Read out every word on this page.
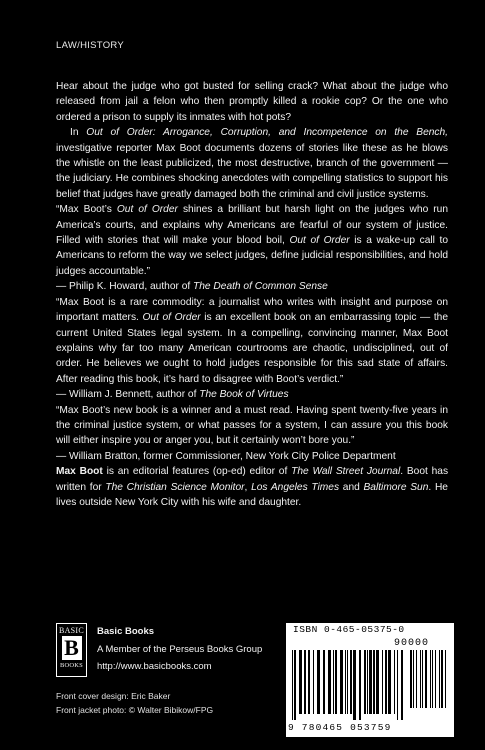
LAW/HISTORY

Hear about the judge who got busted for selling crack? What about the judge who released from jail a felon who then promptly killed a rookie cop? Or the one who ordered a prison to supply its inmates with hot pots?

In Out of Order: Arrogance, Corruption, and Incompetence on the Bench, investigative reporter Max Boot documents dozens of stories like these as he blows the whistle on the least publicized, the most destructive, branch of the government — the judiciary. He combines shocking anecdotes with compelling statistics to support his belief that judges have greatly damaged both the criminal and civil justice systems.

“Max Boot’s Out of Order shines a brilliant but harsh light on the judges who run America’s courts, and explains why Americans are fearful of our system of justice. Filled with stories that will make your blood boil, Out of Order is a wake-up call to Americans to reform the way we select judges, define judicial responsibilities, and hold judges accountable.”

— Philip K. Howard, author of The Death of Common Sense

“Max Boot is a rare commodity: a journalist who writes with insight and purpose on important matters. Out of Order is an excellent book on an embarrassing topic — the current United States legal system. In a compelling, convincing manner, Max Boot explains why far too many American courtrooms are chaotic, undisciplined, out of order. He believes we ought to hold judges responsible for this sad state of affairs. After reading this book, it’s hard to disagree with Boot’s verdict.”

— William J. Bennett, author of The Book of Virtues

“Max Boot’s new book is a winner and a must read. Having spent twenty-five years in the criminal justice system, or what passes for a system, I can assure you this book will either inspire you or anger you, but it certainly won’t bore you.”

— William Bratton, former Commissioner, New York City Police Department

Max Boot is an editorial features (op-ed) editor of The Wall Street Journal. Boot has written for The Christian Science Monitor, Los Angeles Times and Baltimore Sun. He lives outside New York City with his wife and daughter.

BASIC
B
BOOKS
Basic Books
A Member of the Perseus Books Group
http://www.basicbooks.com
Front cover design: Eric Baker
Front jacket photo: © Walter Bibikow/FPG
ISBN 0-465-05375-0
90000
9 780465 053759
